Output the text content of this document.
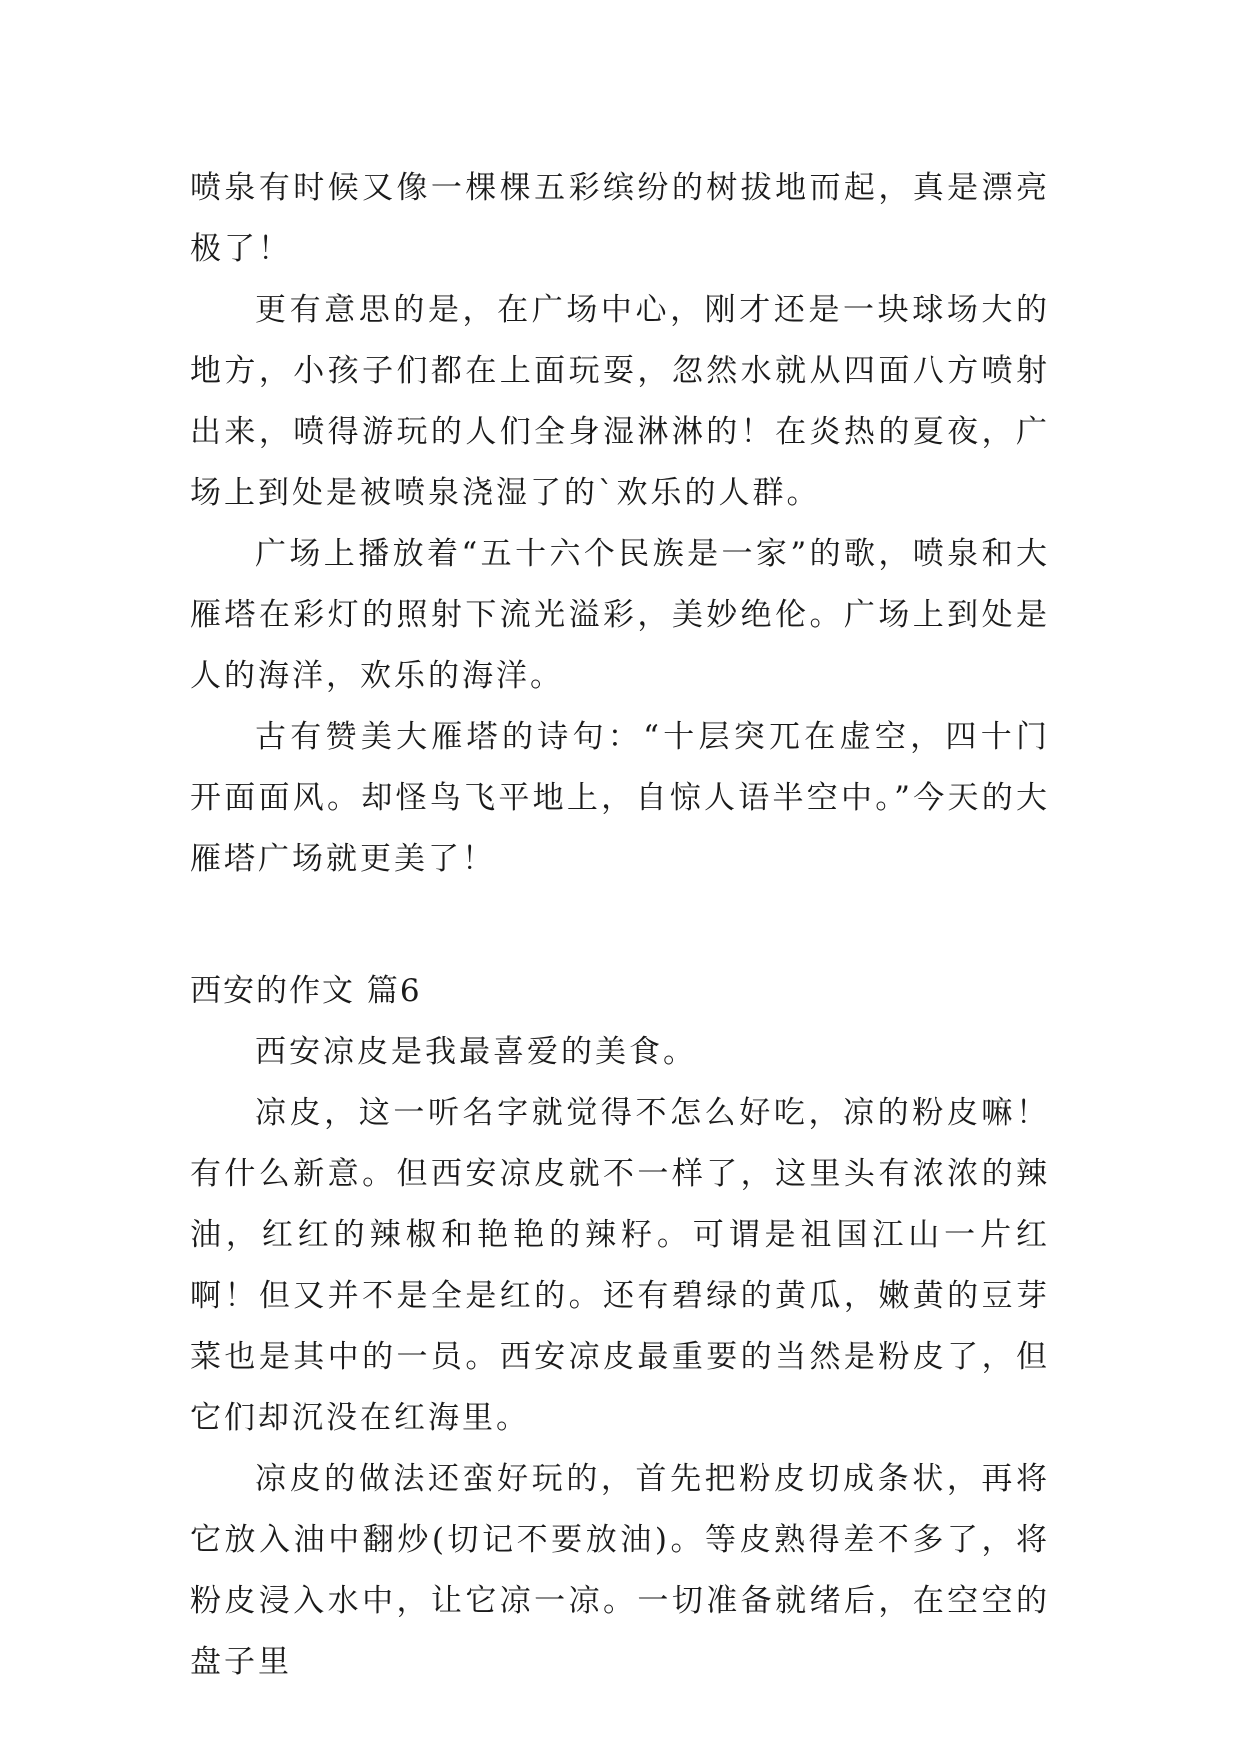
喷泉有时候又像一棵棵五彩缤纷的树拔地而起，真是漂亮极了！

更有意思的是，在广场中心，刚才还是一块球场大的地方，小孩子们都在上面玩耍，忽然水就从四面八方喷射出来，喷得游玩的人们全身湿淋淋的！在炎热的夏夜，广场上到处是被喷泉浇湿了的`欢乐的人群。

广场上播放着“五十六个民族是一家”的歌，喷泉和大雁塔在彩灯的照射下流光溢彩，美妙绝伦。广场上到处是人的海洋，欢乐的海洋。

古有赞美大雁塔的诗句：“十层突兀在虚空，四十门开面面风。却怪鸟飞平地上，自惊人语半空中。”今天的大雁塔广场就更美了！

西安的作文 篇6

西安凉皮是我最喜爱的美食。

凉皮，这一听名字就觉得不怎么好吃，凉的粉皮嘛！有什么新意。但西安凉皮就不一样了，这里头有浓浓的辣油，红红的辣椒和艳艳的辣籽。可谓是祖国江山一片红啊！但又并不是全是红的。还有碧绿的黄瓜，嫩黄的豆芽菜也是其中的一员。西安凉皮最重要的当然是粉皮了，但它们却沉没在红海里。

凉皮的做法还蛮好玩的，首先把粉皮切成条状，再将它放入油中翻炒(切记不要放油)。等皮熟得差不多了，将粉皮浸入水中，让它凉一凉。一切准备就绪后，在空空的盘子里
